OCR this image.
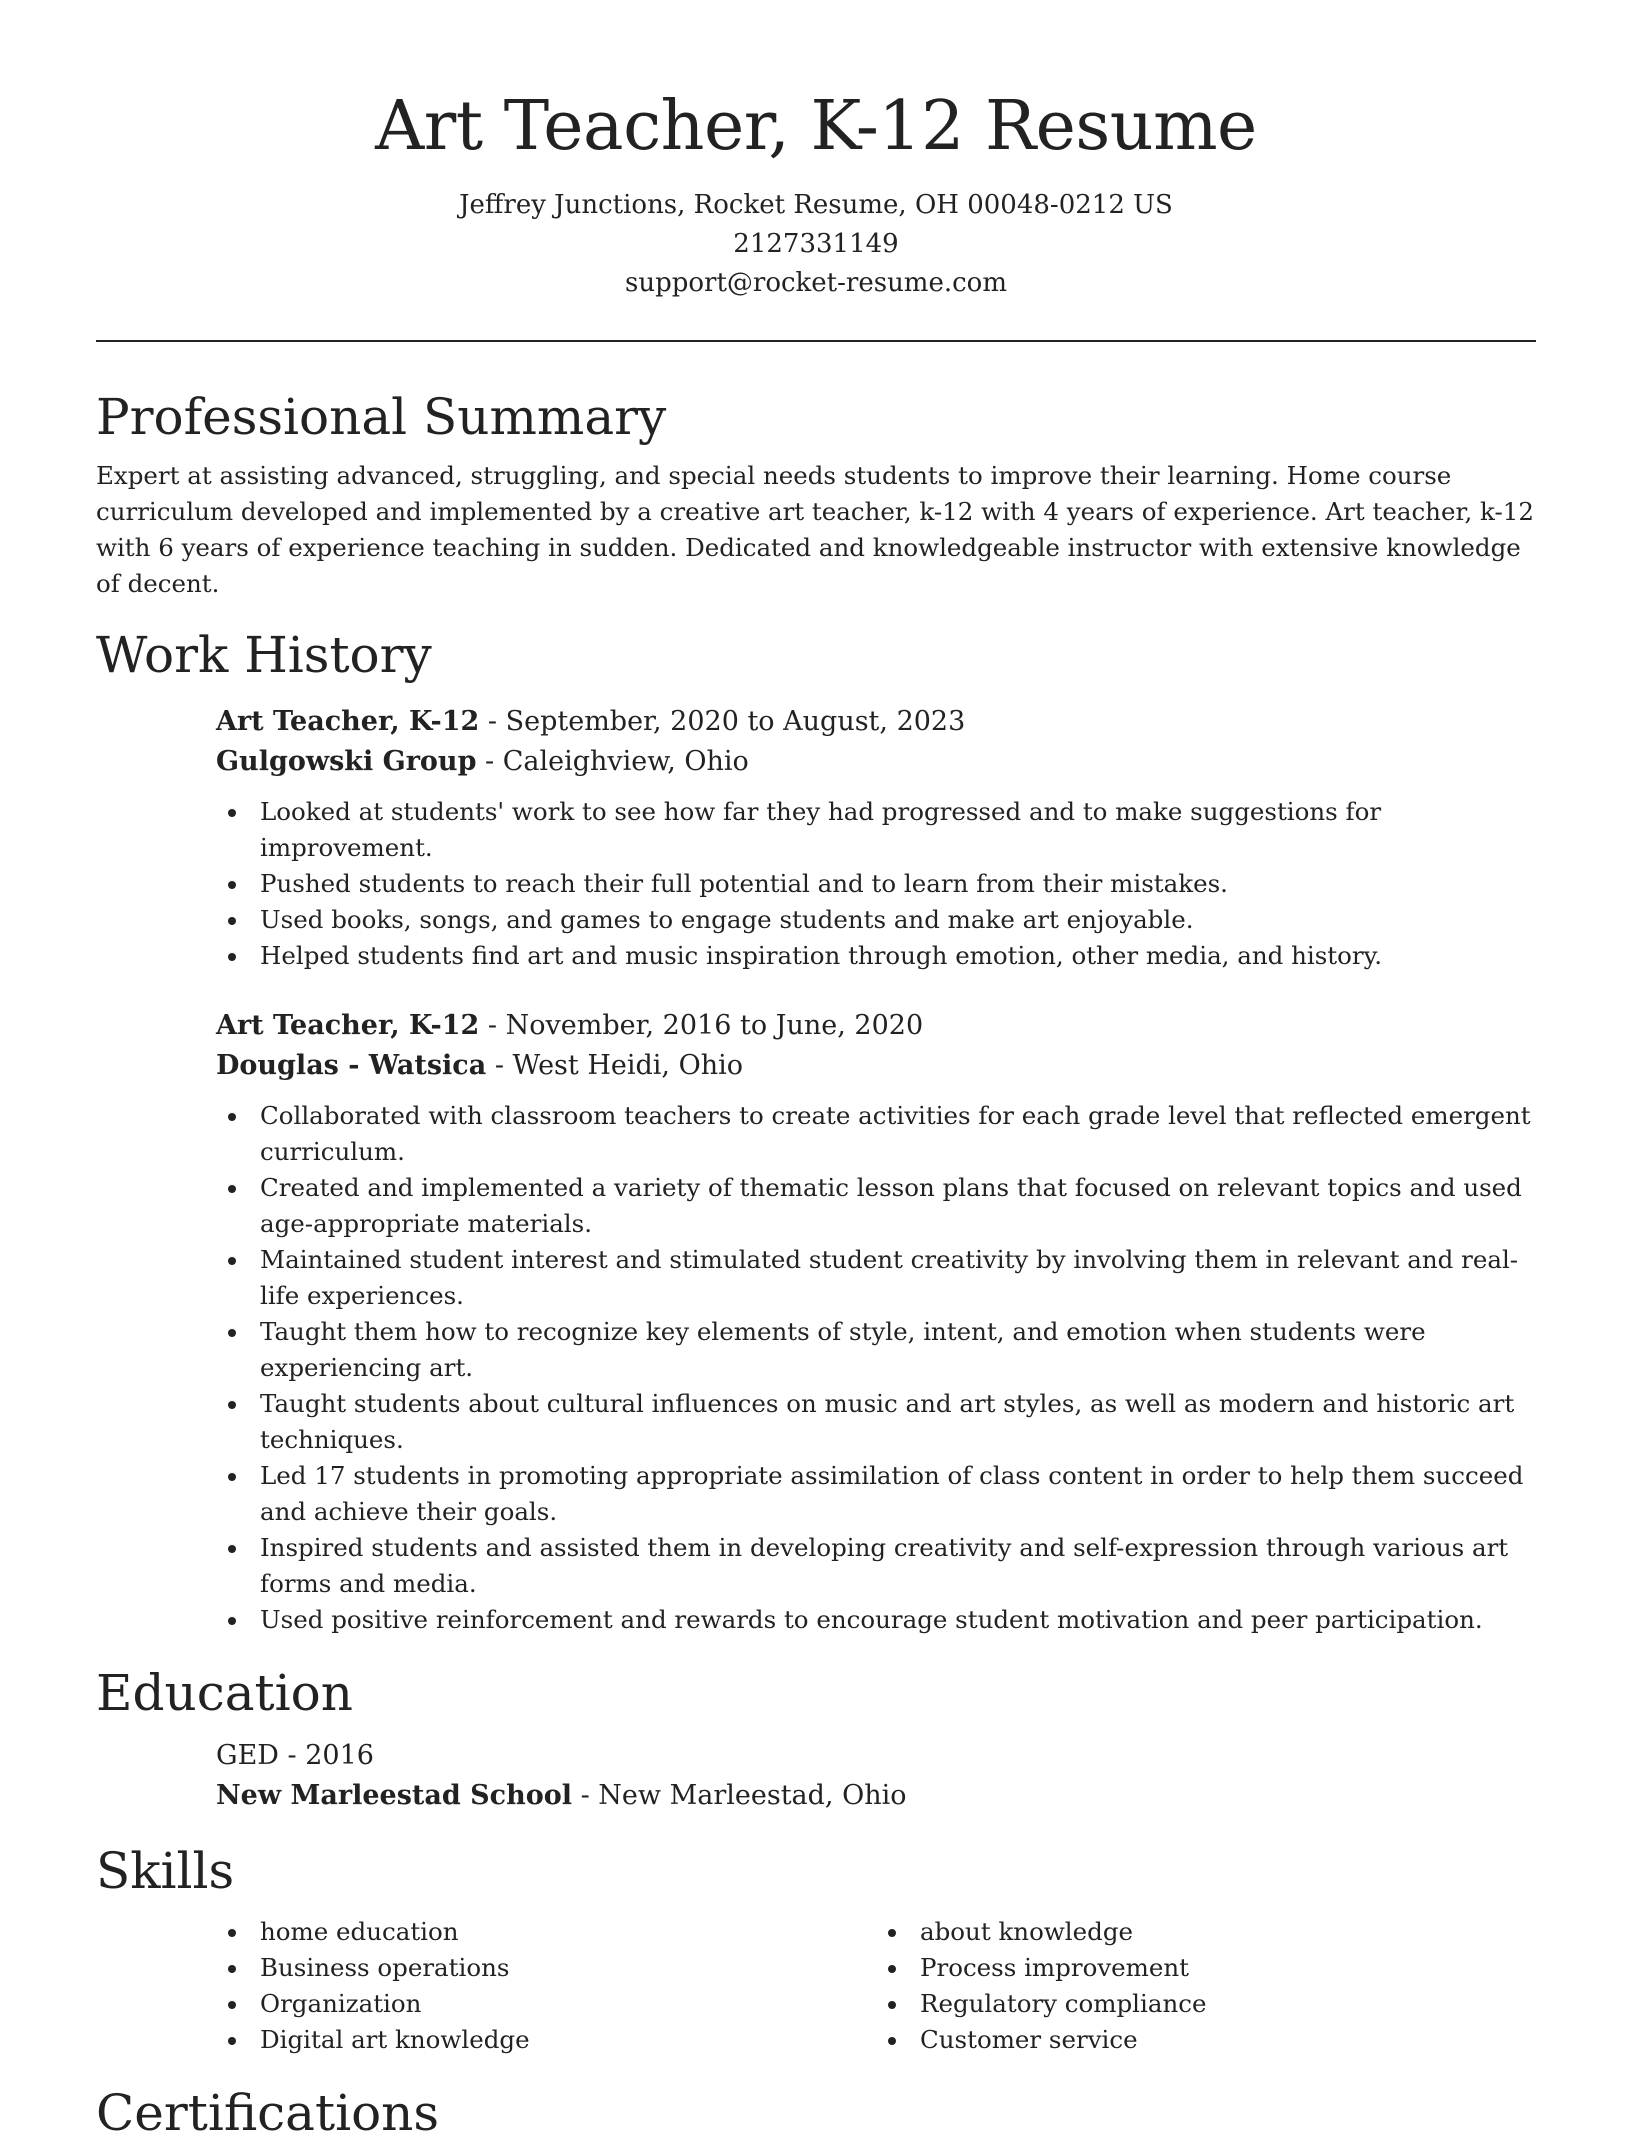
Art Teacher, K-12 Resume

Jeffrey Junctions, Rocket Resume, OH 00048-0212 US

2127331149

support@rocket-resume.com

Professional Summary

Expert at assisting advanced, struggling, and special needs students to improve their learning. Home course curriculum developed and implemented by a creative art teacher, k-12 with 4 years of experience. Art teacher, k-12 with 6 years of experience teaching in sudden. Dedicated and knowledgeable instructor with extensive knowledge of decent.

Work History

Art Teacher, K-12 - September, 2020 to August, 2023

Gulgowski Group - Caleighview, Ohio

Looked at students' work to see how far they had progressed and to make suggestions for improvement.
Pushed students to reach their full potential and to learn from their mistakes.
Used books, songs, and games to engage students and make art enjoyable.
Helped students find art and music inspiration through emotion, other media, and history.

Art Teacher, K-12 - November, 2016 to June, 2020

Douglas - Watsica - West Heidi, Ohio

Collaborated with classroom teachers to create activities for each grade level that reflected emergent curriculum.
Created and implemented a variety of thematic lesson plans that focused on relevant topics and used age-appropriate materials.
Maintained student interest and stimulated student creativity by involving them in relevant and real-life experiences.
Taught them how to recognize key elements of style, intent, and emotion when students were experiencing art.
Taught students about cultural influences on music and art styles, as well as modern and historic art techniques.
Led 17 students in promoting appropriate assimilation of class content in order to help them succeed and achieve their goals.
Inspired students and assisted them in developing creativity and self-expression through various art forms and media.
Used positive reinforcement and rewards to encourage student motivation and peer participation.
Education

GED - 2016

New Marleestad School - New Marleestad, Ohio

Skills
home education
Business operations
Organization
Digital art knowledge
about knowledge
Process improvement
Regulatory compliance
Customer service
Certifications
